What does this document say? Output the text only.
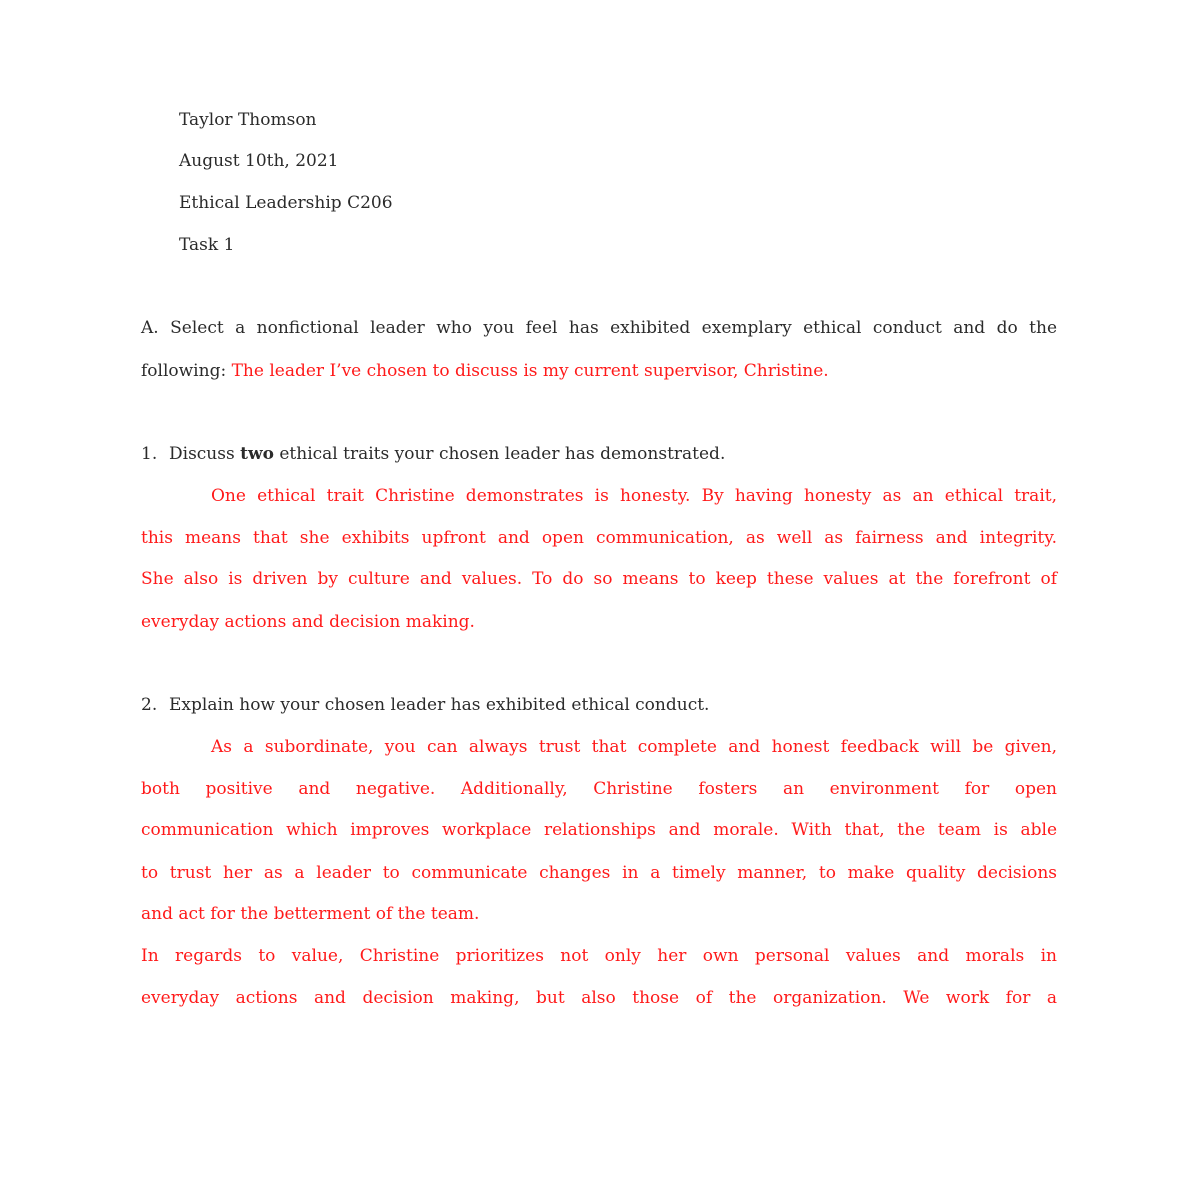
Taylor Thomson
August 10th, 2021
Ethical Leadership C206
Task 1
A. Select a nonfictional leader who you feel has exhibited exemplary ethical conduct and do the
following: The leader I’ve chosen to discuss is my current supervisor, Christine.
1. Discuss two ethical traits your chosen leader has demonstrated.
One ethical trait Christine demonstrates is honesty. By having honesty as an ethical trait,
this means that she exhibits upfront and open communication, as well as fairness and integrity.
She also is driven by culture and values. To do so means to keep these values at the forefront of
everyday actions and decision making.
2. Explain how your chosen leader has exhibited ethical conduct.
As a subordinate, you can always trust that complete and honest feedback will be given,
both positive and negative. Additionally, Christine fosters an environment for open
communication which improves workplace relationships and morale. With that, the team is able
to trust her as a leader to communicate changes in a timely manner, to make quality decisions
and act for the betterment of the team.
In regards to value, Christine prioritizes not only her own personal values and morals in
everyday actions and decision making, but also those of the organization. We work for a
